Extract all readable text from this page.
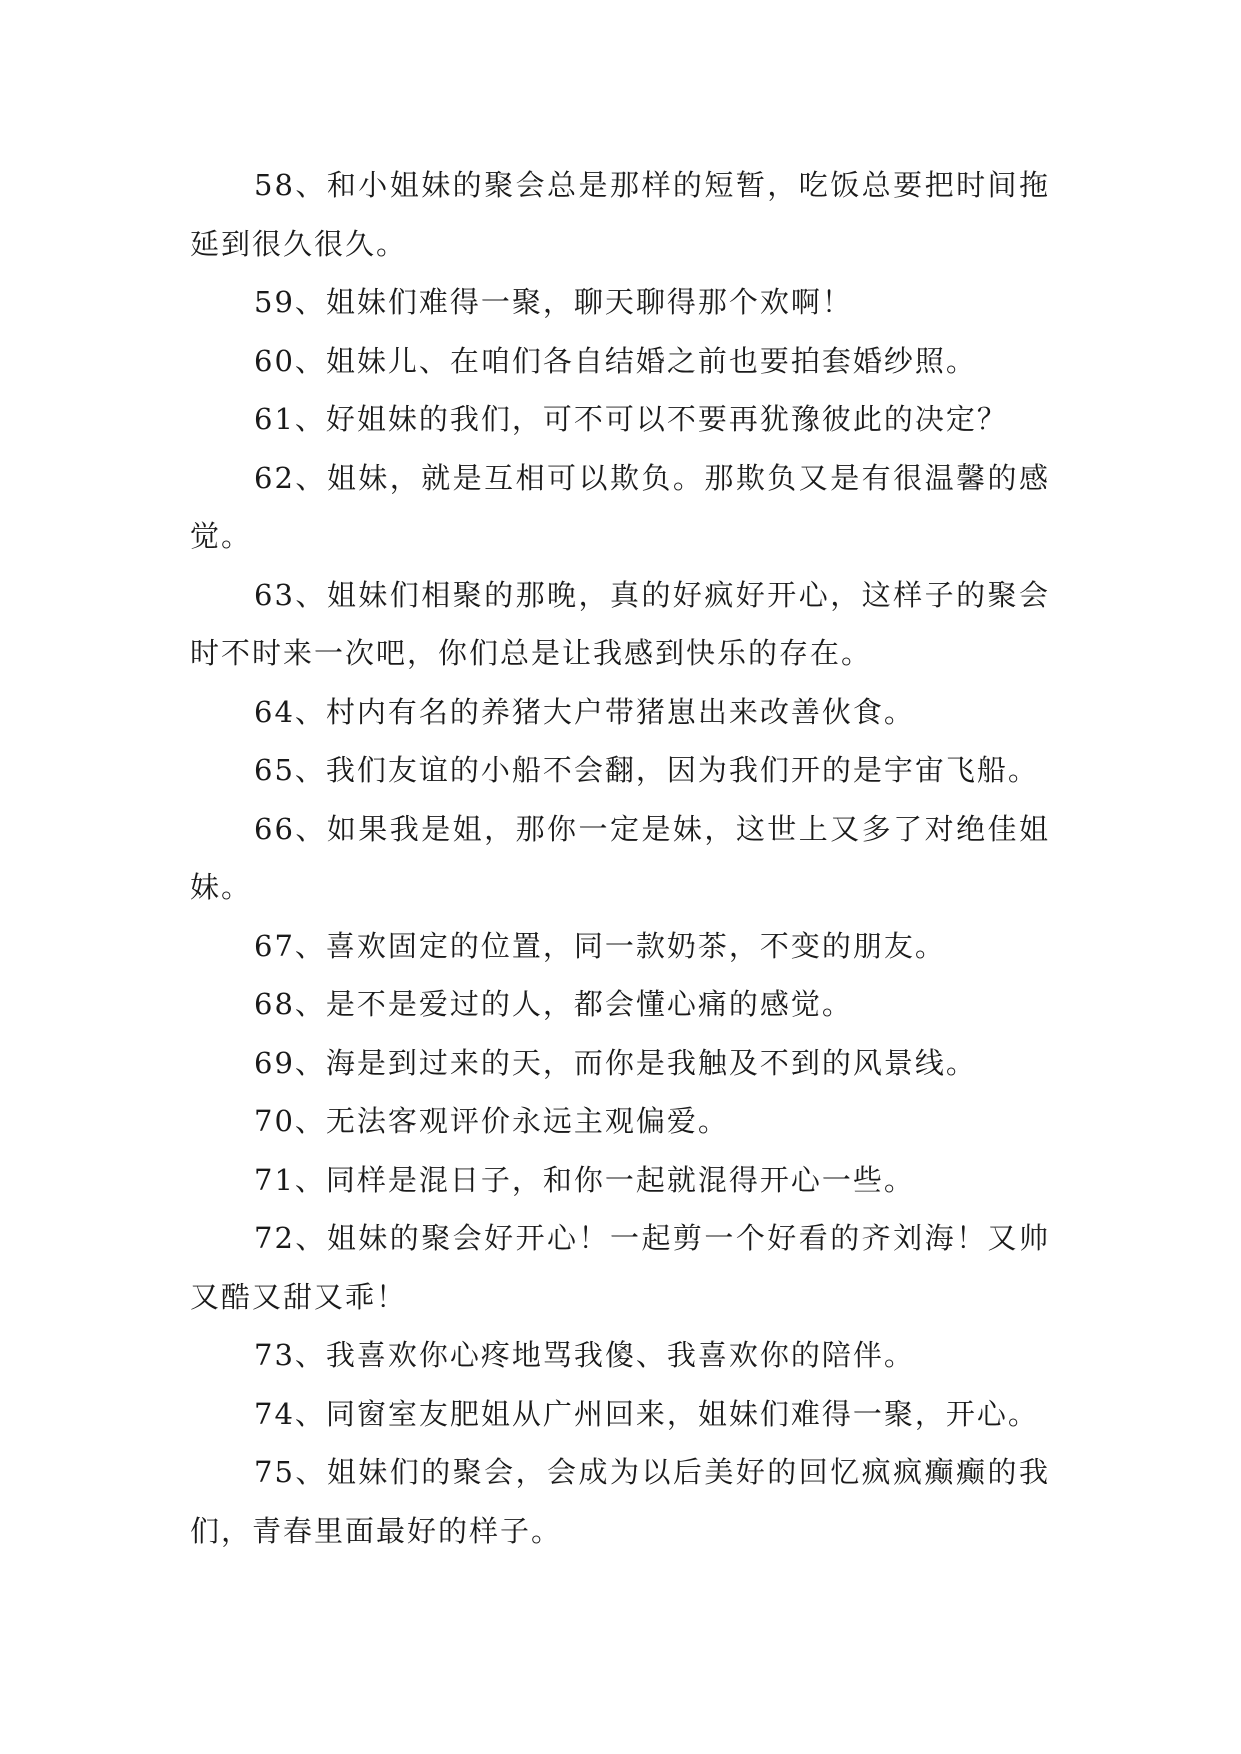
58、和小姐妹的聚会总是那样的短暂，吃饭总要把时间拖延到很久很久。

59、姐妹们难得一聚，聊天聊得那个欢啊！

60、姐妹儿、在咱们各自结婚之前也要拍套婚纱照。

61、好姐妹的我们，可不可以不要再犹豫彼此的决定？

62、姐妹，就是互相可以欺负。那欺负又是有很温馨的感觉。

63、姐妹们相聚的那晚，真的好疯好开心，这样子的聚会时不时来一次吧，你们总是让我感到快乐的存在。

64、村内有名的养猪大户带猪崽出来改善伙食。

65、我们友谊的小船不会翻，因为我们开的是宇宙飞船。

66、如果我是姐，那你一定是妹，这世上又多了对绝佳姐妹。

67、喜欢固定的位置，同一款奶茶，不变的朋友。

68、是不是爱过的人，都会懂心痛的感觉。

69、海是到过来的天，而你是我触及不到的风景线。

70、无法客观评价永远主观偏爱。

71、同样是混日子，和你一起就混得开心一些。

72、姐妹的聚会好开心！一起剪一个好看的齐刘海！又帅又酷又甜又乖！

73、我喜欢你心疼地骂我傻、我喜欢你的陪伴。

74、同窗室友肥姐从广州回来，姐妹们难得一聚，开心。

75、姐妹们的聚会，会成为以后美好的回忆疯疯癫癫的我们，青春里面最好的样子。
